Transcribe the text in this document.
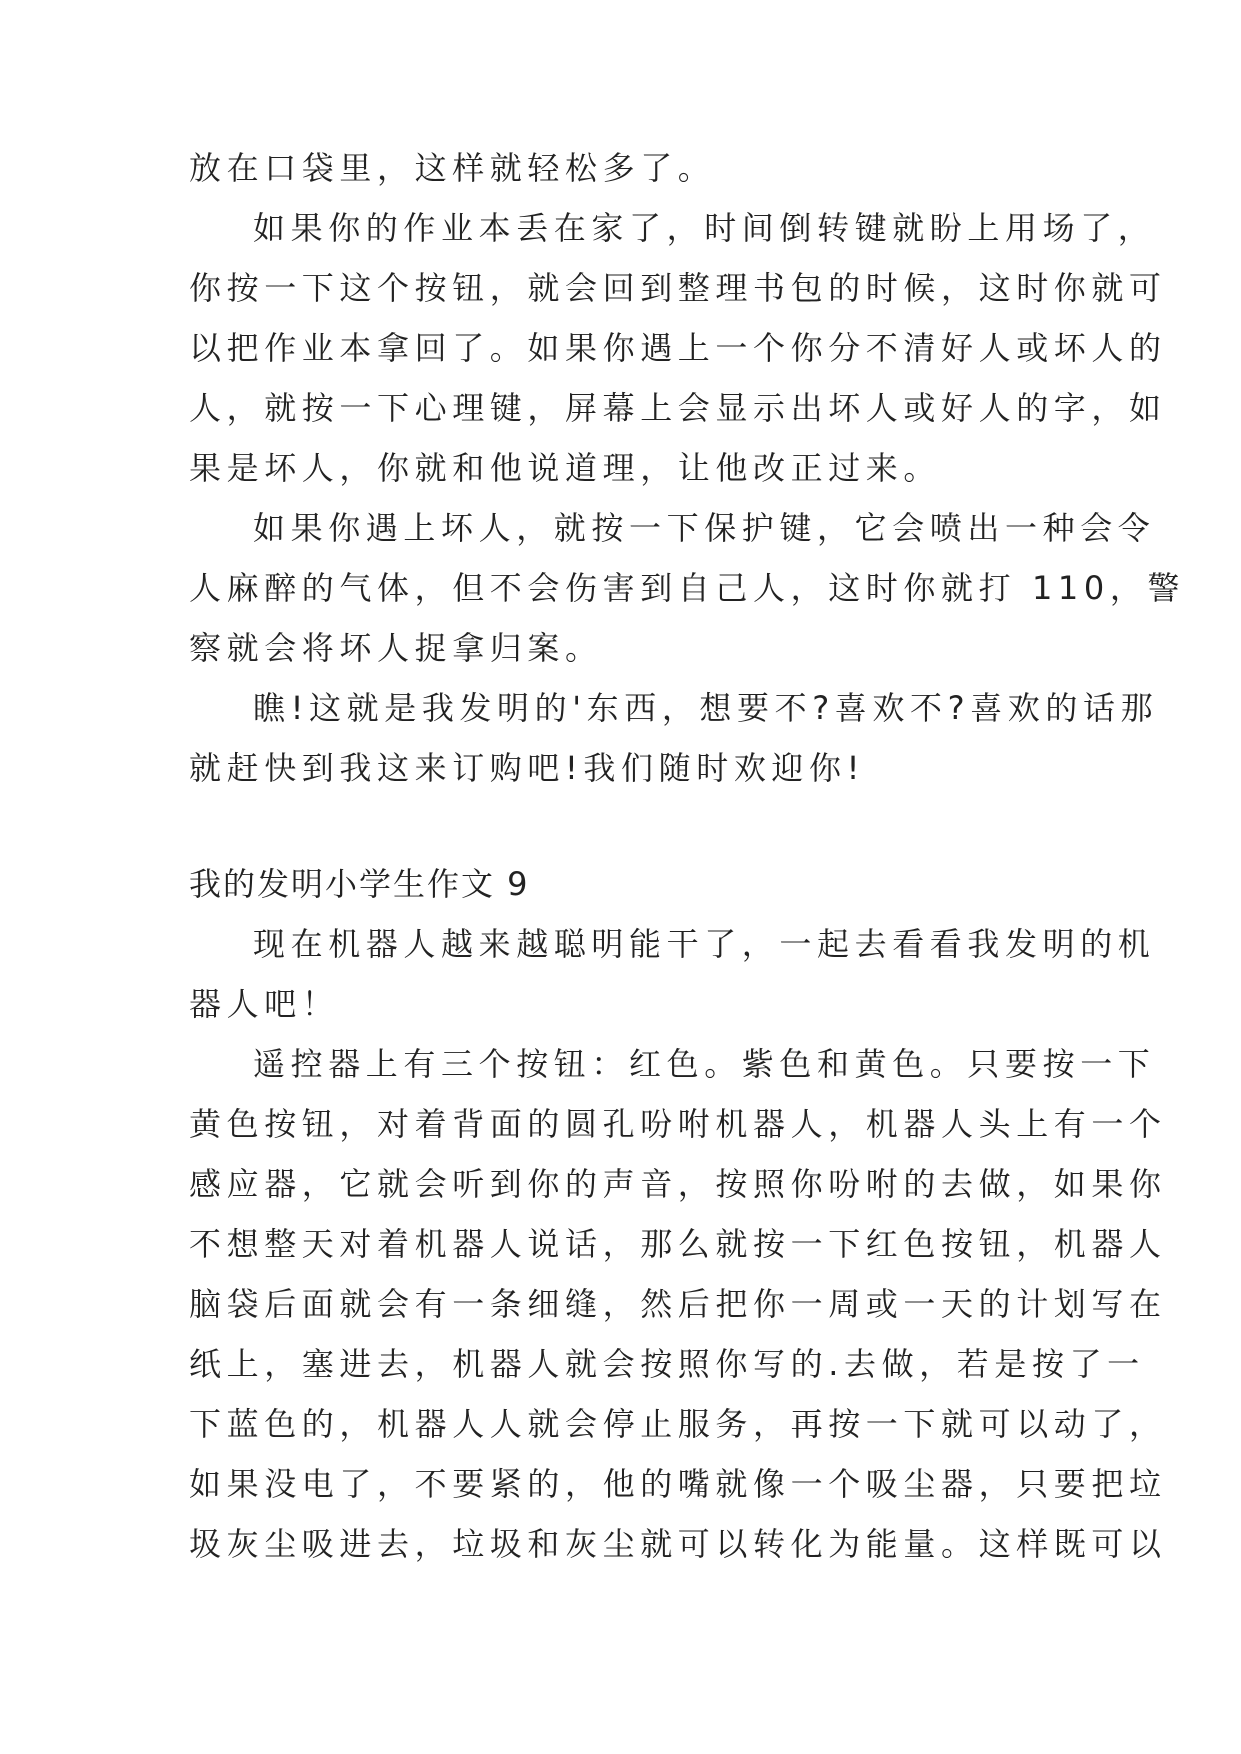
放在口袋里，这样就轻松多了。
如果你的作业本丢在家了，时间倒转键就盼上用场了，
你按一下这个按钮，就会回到整理书包的时候，这时你就可
以把作业本拿回了。如果你遇上一个你分不清好人或坏人的
人，就按一下心理键，屏幕上会显示出坏人或好人的字，如
果是坏人，你就和他说道理，让他改正过来。
如果你遇上坏人，就按一下保护键，它会喷出一种会令
人麻醉的气体，但不会伤害到自己人，这时你就打 110，警
察就会将坏人捉拿归案。
瞧!这就是我发明的'东西，想要不?喜欢不?喜欢的话那
就赶快到我这来订购吧!我们随时欢迎你!
我的发明小学生作文 9
现在机器人越来越聪明能干了，一起去看看我发明的机
器人吧！
遥控器上有三个按钮：红色。紫色和黄色。只要按一下
黄色按钮，对着背面的圆孔吩咐机器人，机器人头上有一个
感应器，它就会听到你的声音，按照你吩咐的去做，如果你
不想整天对着机器人说话，那么就按一下红色按钮，机器人
脑袋后面就会有一条细缝，然后把你一周或一天的计划写在
纸上，塞进去，机器人就会按照你写的.去做，若是按了一
下蓝色的，机器人人就会停止服务，再按一下就可以动了，
如果没电了，不要紧的，他的嘴就像一个吸尘器，只要把垃
圾灰尘吸进去，垃圾和灰尘就可以转化为能量。这样既可以
